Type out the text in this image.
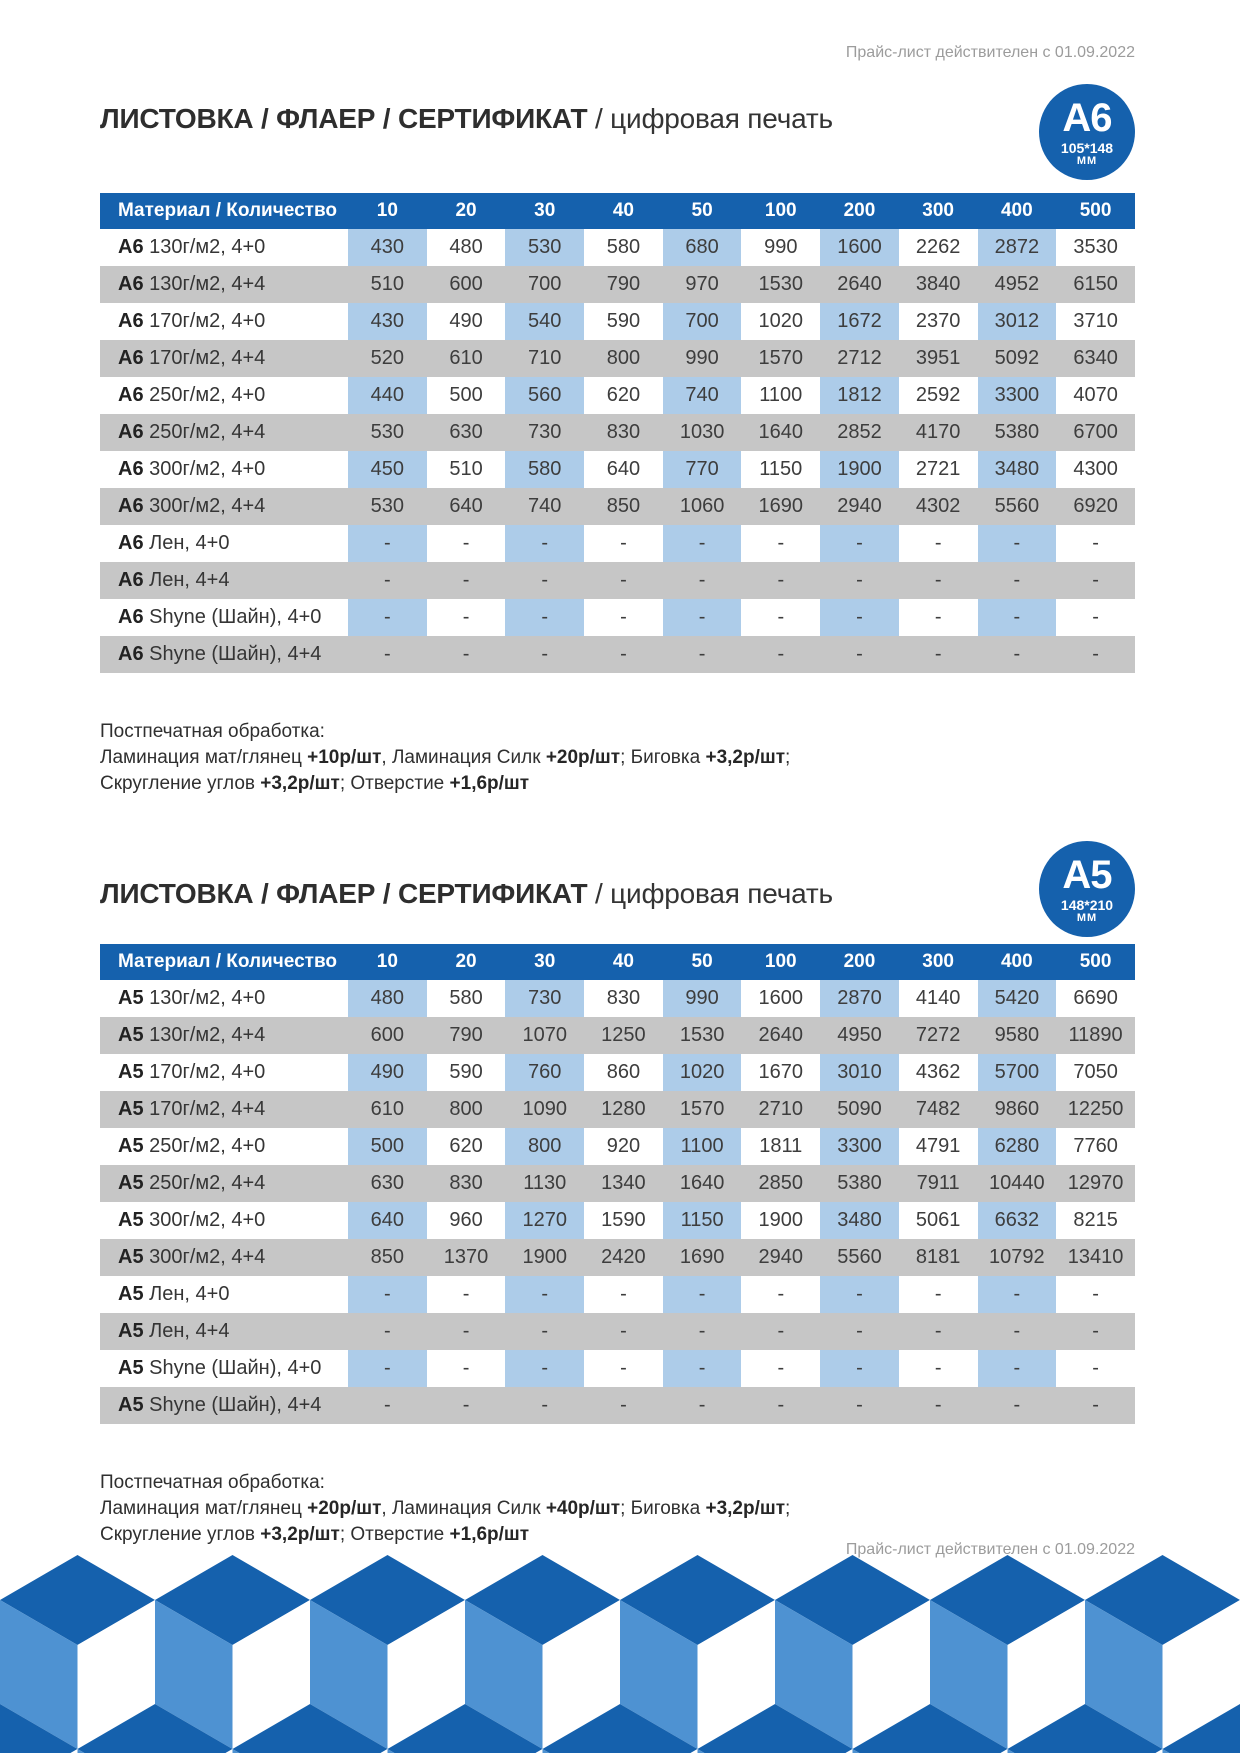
Прайс-лист действителен с 01.09.2022
ЛИСТОВКА / ФЛАЕР / СЕРТИФИКАТ / цифровая печать	A6
105*148
ММ
Материал / Количество	10	20	30	40	50	100	200	300	400	500
A6 130г/м2, 4+0	430	480	530	580	680	990	1600	2262	2872	3530
A6 130г/м2, 4+4	510	600	700	790	970	1530	2640	3840	4952	6150
A6 170г/м2, 4+0	430	490	540	590	700	1020	1672	2370	3012	3710
A6 170г/м2, 4+4	520	610	710	800	990	1570	2712	3951	5092	6340
A6 250г/м2, 4+0	440	500	560	620	740	1100	1812	2592	3300	4070
A6 250г/м2, 4+4	530	630	730	830	1030	1640	2852	4170	5380	6700
A6 300г/м2, 4+0	450	510	580	640	770	1150	1900	2721	3480	4300
A6 300г/м2, 4+4	530	640	740	850	1060	1690	2940	4302	5560	6920
A6 Лен, 4+0	-	-	-	-	-	-	-	-	-	-
A6 Лен, 4+4	-	-	-	-	-	-	-	-	-	-
A6 Shyne (Шайн), 4+0	-	-	-	-	-	-	-	-	-	-
A6 Shyne (Шайн), 4+4	-	-	-	-	-	-	-	-	-	-
Постпечатная обработка:
Ламинация мат/глянец +10р/шт, Ламинация Силк +20р/шт; Биговка +3,2р/шт;
Скругление углов +3,2р/шт; Отверстие +1,6р/шт
ЛИСТОВКА / ФЛАЕР / СЕРТИФИКАТ / цифровая печать	A5
148*210
ММ
Материал / Количество	10	20	30	40	50	100	200	300	400	500
A5 130г/м2, 4+0	480	580	730	830	990	1600	2870	4140	5420	6690
A5 130г/м2, 4+4	600	790	1070	1250	1530	2640	4950	7272	9580	11890
A5 170г/м2, 4+0	490	590	760	860	1020	1670	3010	4362	5700	7050
A5 170г/м2, 4+4	610	800	1090	1280	1570	2710	5090	7482	9860	12250
A5 250г/м2, 4+0	500	620	800	920	1100	1811	3300	4791	6280	7760
A5 250г/м2, 4+4	630	830	1130	1340	1640	2850	5380	7911	10440	12970
A5 300г/м2, 4+0	640	960	1270	1590	1150	1900	3480	5061	6632	8215
A5 300г/м2, 4+4	850	1370	1900	2420	1690	2940	5560	8181	10792	13410
A5 Лен, 4+0	-	-	-	-	-	-	-	-	-	-
A5 Лен, 4+4	-	-	-	-	-	-	-	-	-	-
A5 Shyne (Шайн), 4+0	-	-	-	-	-	-	-	-	-	-
A5 Shyne (Шайн), 4+4	-	-	-	-	-	-	-	-	-	-
Постпечатная обработка:
Ламинация мат/глянец +20р/шт, Ламинация Силк +40р/шт; Биговка +3,2р/шт;
Скругление углов +3,2р/шт; Отверстие +1,6р/шт
Прайс-лист действителен с 01.09.2022
